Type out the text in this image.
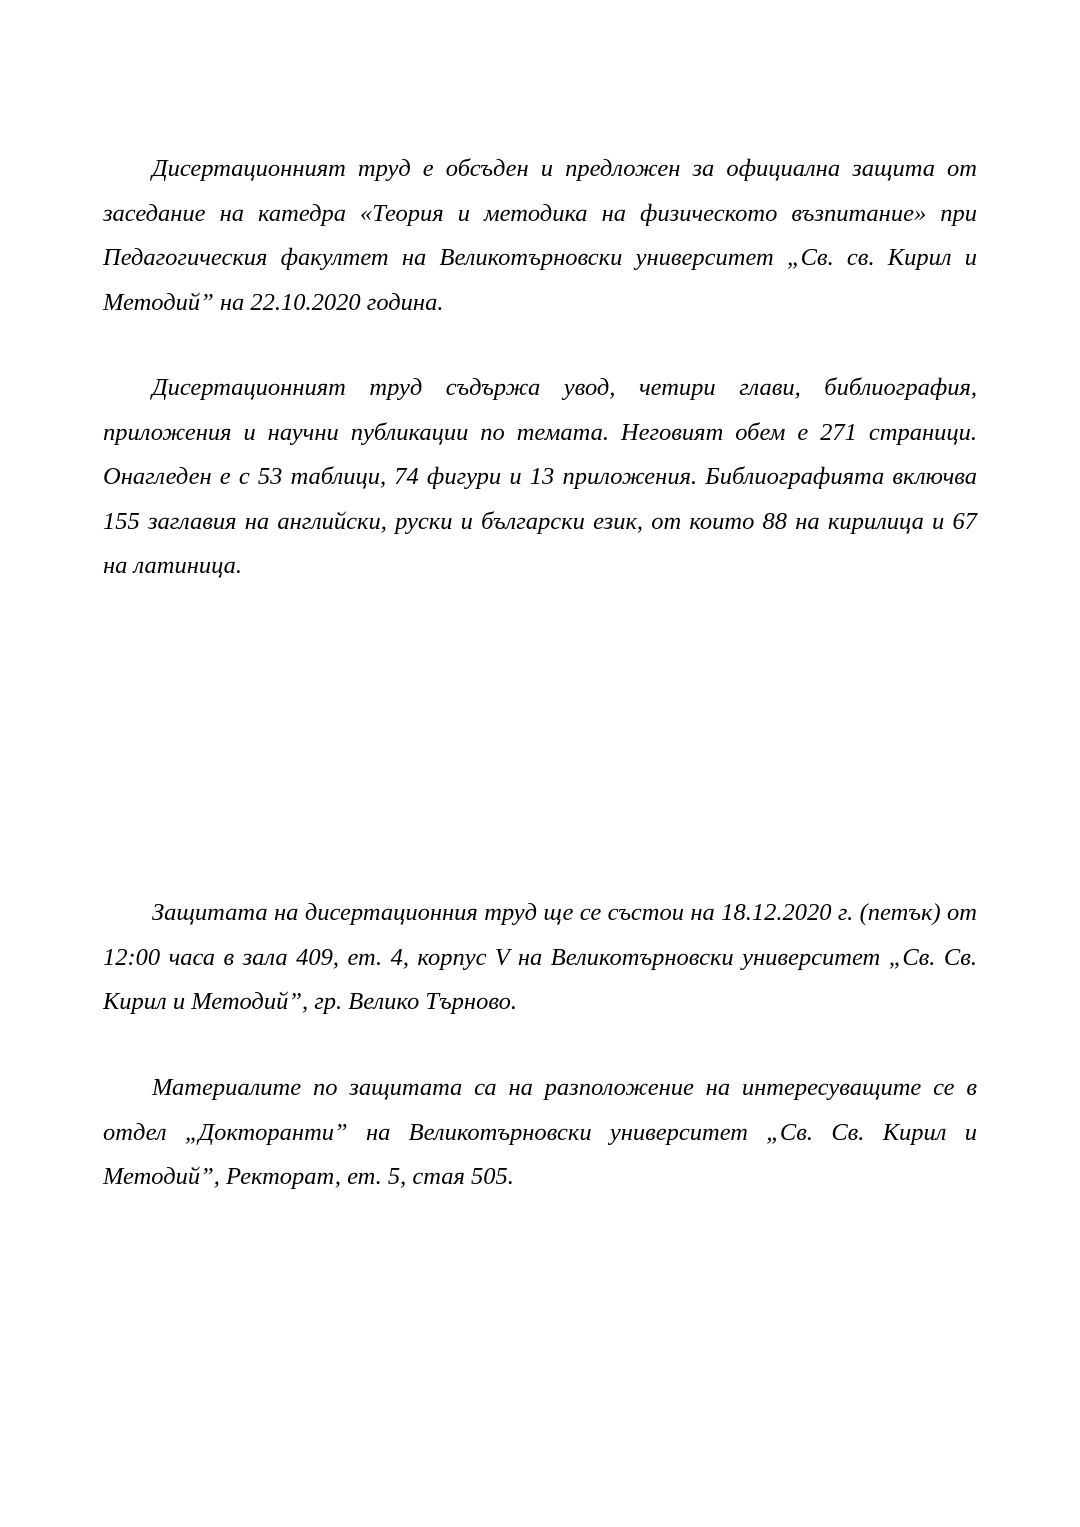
Дисертационният труд е обсъден и предложен за официална защита от заседание на катедра «Теория и методика на физическото възпитание» при Педагогическия факултет на Великотърновски университет „Св. св. Кирил и Методий” на 22.10.2020 година.

Дисертационният труд съдържа увод, четири глави, библиография, приложения и научни публикации по темата. Неговият обем е 271 страници. Онагледен е с 53 таблици, 74 фигури и 13 приложения. Библиографията включва 155 заглавия на английски, руски и български език, от които 88 на кирилица и 67 на латиница.

Защитата на дисертационния труд ще се състои на 18.12.2020 г. (петък) от 12:00 часа в зала 409, ет. 4, корпус V на Великотърновски университет „Св. Св. Кирил и Методий”, гр. Велико Търново.

Материалите по защитата са на разположение на интересуващите се в отдел „Докторанти” на Великотърновски университет „Св. Св. Кирил и Методий”, Ректорат, ет. 5, стая 505.
